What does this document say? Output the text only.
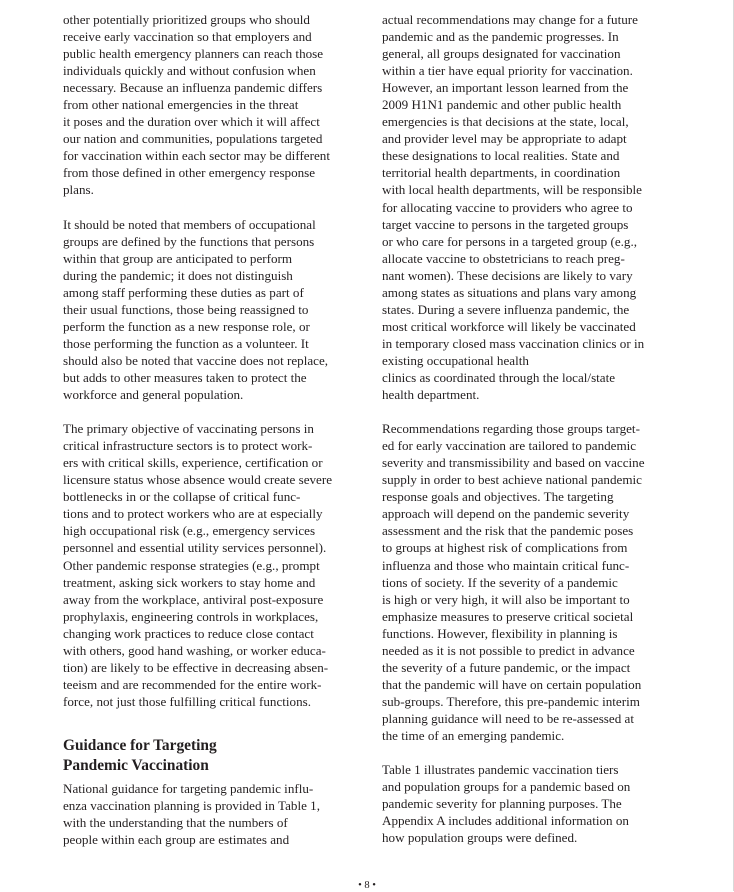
other potentially prioritized groups who should
receive early vaccination so that employers and
public health emergency planners can reach those
individuals quickly and without confusion when
necessary. Because an influenza pandemic differs
from other national emergencies in the threat
it poses and the duration over which it will affect
our nation and communities, populations targeted
for vaccination within each sector may be different
from those defined in other emergency response
plans.

It should be noted that members of occupational
groups are defined by the functions that persons
within that group are anticipated to perform
during the pandemic; it does not distinguish
among staff performing these duties as part of
their usual functions, those being reassigned to
perform the function as a new response role, or
those performing the function as a volunteer. It
should also be noted that vaccine does not replace,
but adds to other measures taken to protect the
workforce and general population.

The primary objective of vaccinating persons in
critical infrastructure sectors is to protect work-
ers with critical skills, experience, certification or
licensure status whose absence would create severe
bottlenecks in or the collapse of critical func-
tions and to protect workers who are at especially
high occupational risk (e.g., emergency services
personnel and essential utility services personnel).
Other pandemic response strategies (e.g., prompt
treatment, asking sick workers to stay home and
away from the workplace, antiviral post-exposure
prophylaxis, engineering controls in workplaces,
changing work practices to reduce close contact
with others, good hand washing, or worker educa-
tion) are likely to be effective in decreasing absen-
teeism and are recommended for the entire work-
force, not just those fulfilling critical functions.

Guidance for Targeting
Pandemic Vaccination

National guidance for targeting pandemic influ-
enza vaccination planning is provided in Table 1,
with the understanding that the numbers of
people within each group are estimates and

actual recommendations may change for a future
pandemic and as the pandemic progresses. In
general, all groups designated for vaccination
within a tier have equal priority for vaccination.
However, an important lesson learned from the
2009 H1N1 pandemic and other public health
emergencies is that decisions at the state, local,
and provider level may be appropriate to adapt
these designations to local realities. State and
territorial health departments, in coordination
with local health departments, will be responsible
for allocating vaccine to providers who agree to
target vaccine to persons in the targeted groups
or who care for persons in a targeted group (e.g.,
allocate vaccine to obstetricians to reach preg-
nant women). These decisions are likely to vary
among states as situations and plans vary among
states. During a severe influenza pandemic, the
most critical workforce will likely be vaccinated
in temporary closed mass vaccination clinics or in
existing occupational health
clinics as coordinated through the local/state
health department.

Recommendations regarding those groups target-
ed for early vaccination are tailored to pandemic
severity and transmissibility and based on vaccine
supply in order to best achieve national pandemic
response goals and objectives. The targeting
approach will depend on the pandemic severity
assessment and the risk that the pandemic poses
to groups at highest risk of complications from
influenza and those who maintain critical func-
tions of society. If the severity of a pandemic
is high or very high, it will also be important to
emphasize measures to preserve critical societal
functions. However, flexibility in planning is
needed as it is not possible to predict in advance
the severity of a future pandemic, or the impact
that the pandemic will have on certain population
sub-groups. Therefore, this pre-pandemic interim
planning guidance will need to be re-assessed at
the time of an emerging pandemic.

Table 1 illustrates pandemic vaccination tiers
and population groups for a pandemic based on
pandemic severity for planning purposes. The
Appendix A includes additional information on
how population groups were defined.

• 8 •
